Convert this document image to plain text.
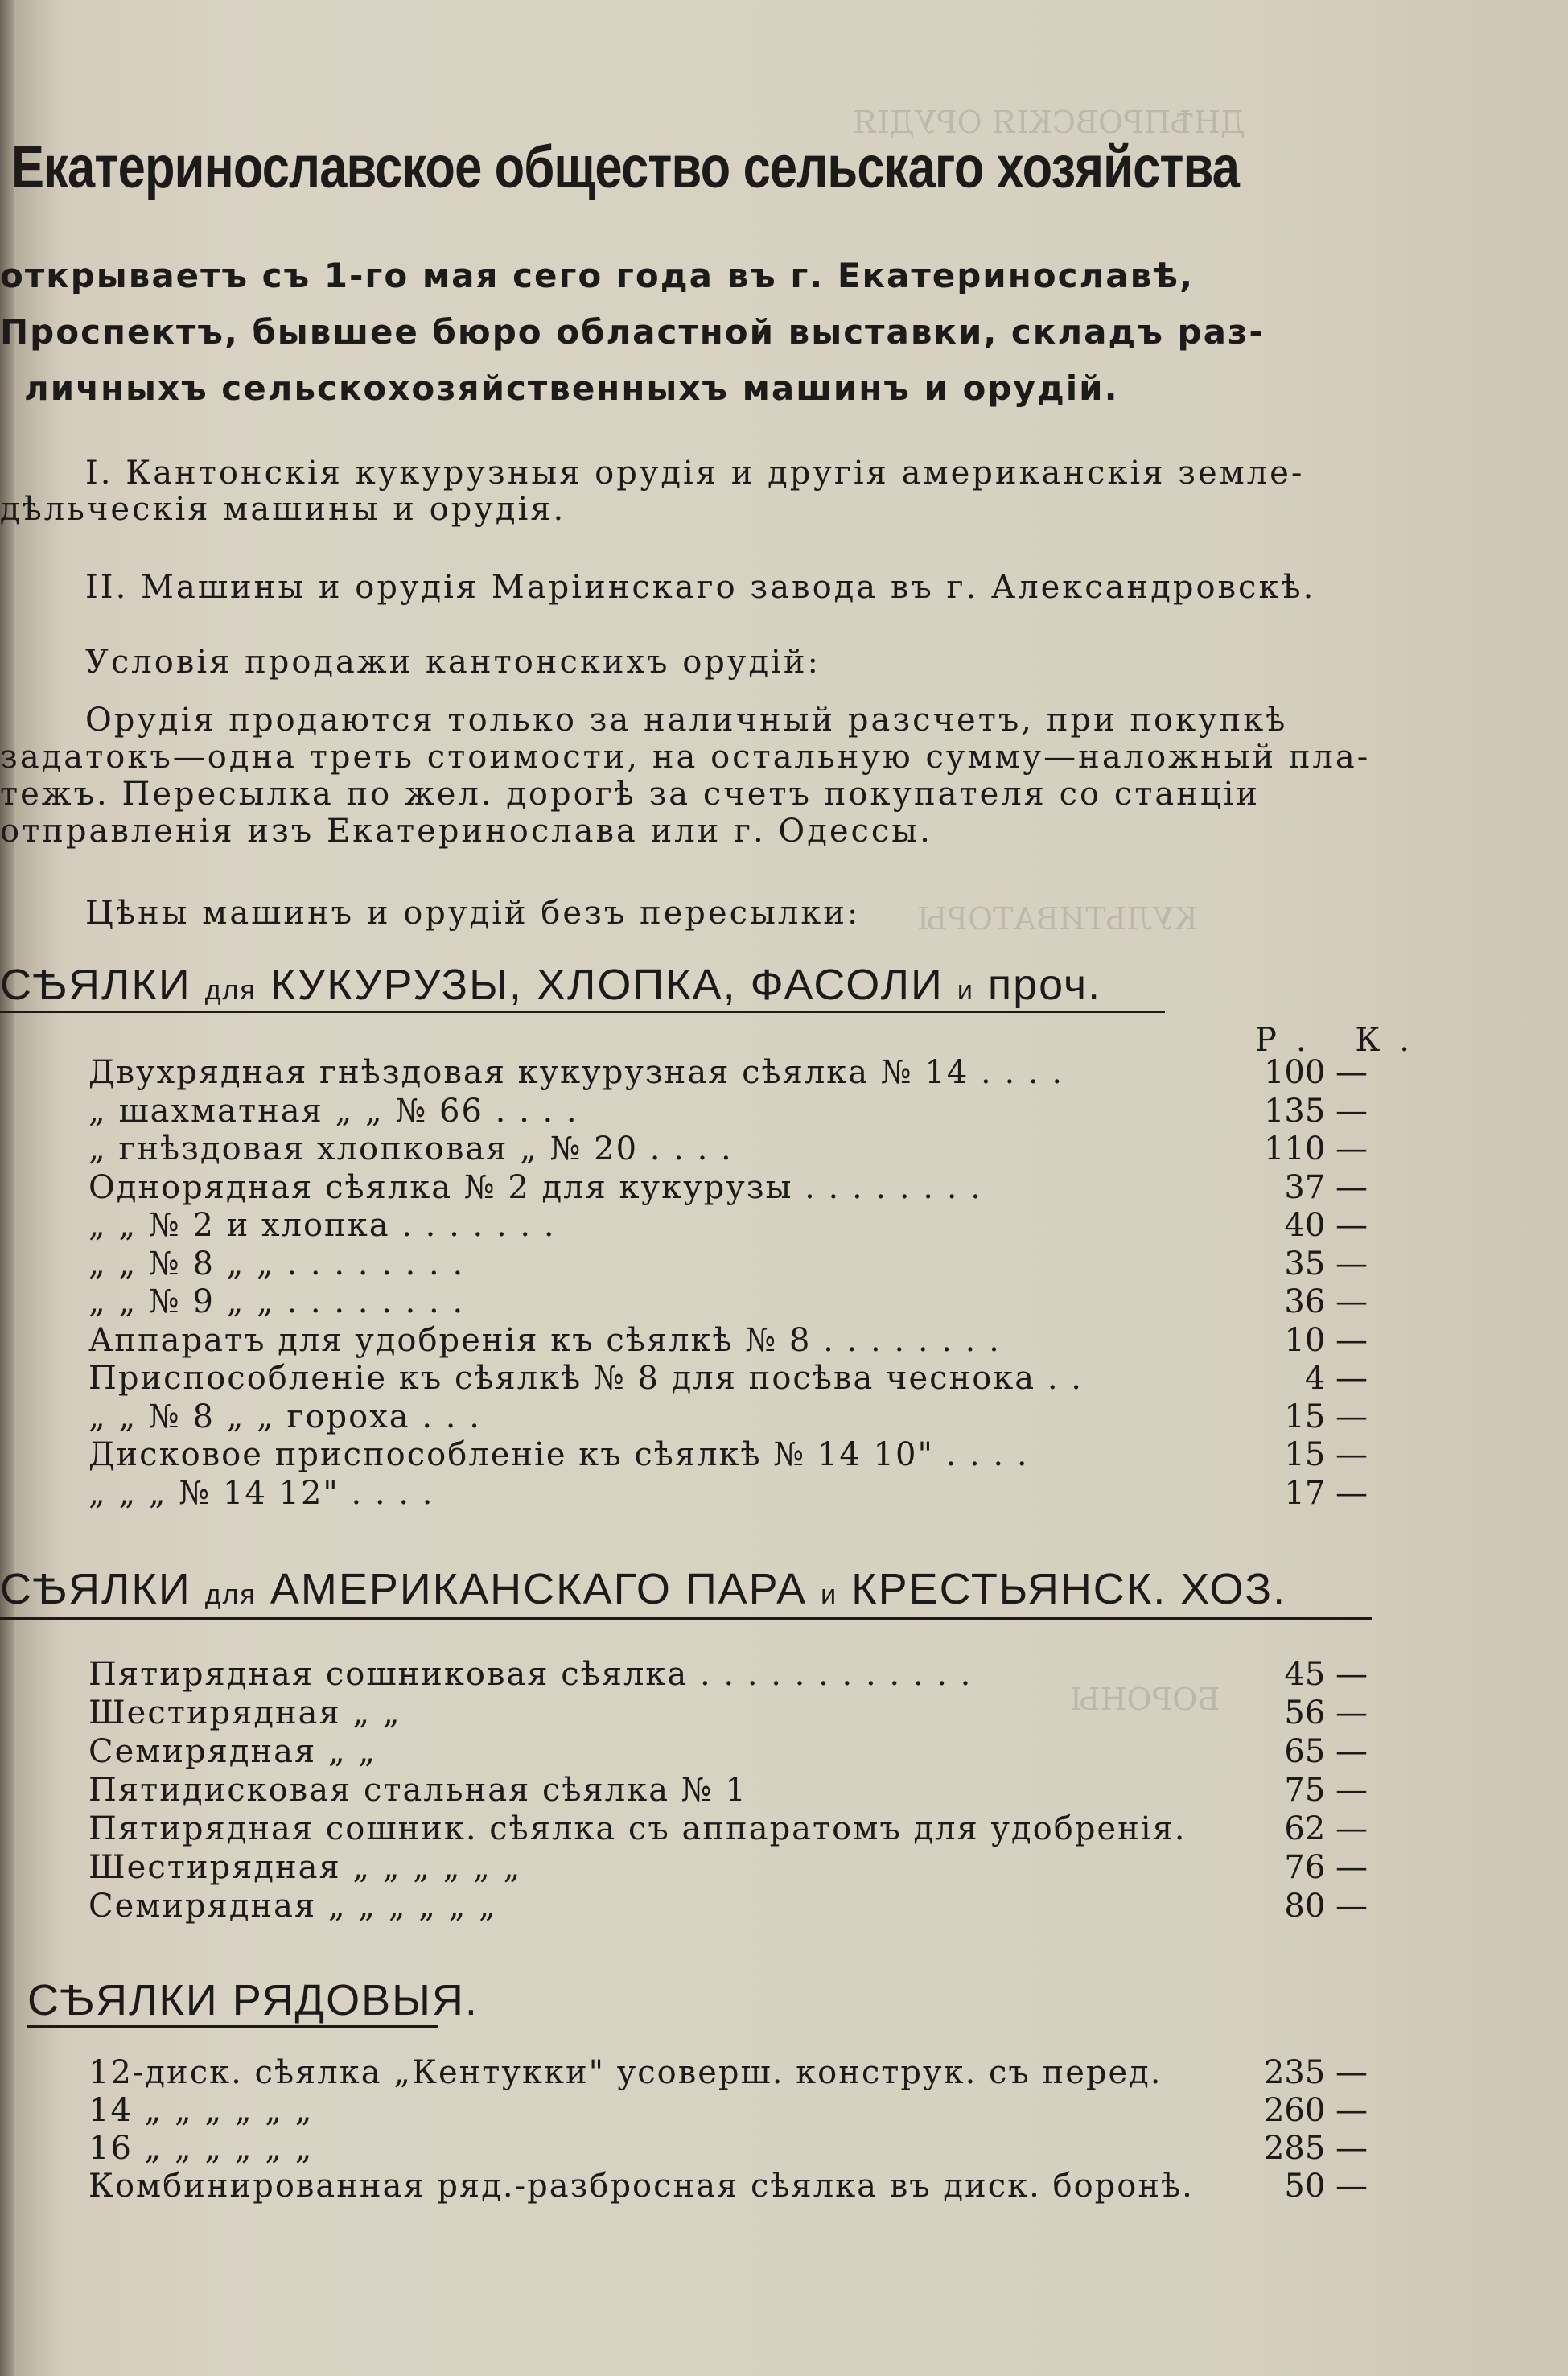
ДНѢПРОВСКІЯ ОРУДІЯ
КУЛЬТИВАТОРЫ
БОРОНЫ
Екатеринославское общество сельскаго хозяйства
открываетъ съ 1-го мая сего года въ г. Екатеринославѣ,
Проспектъ, бывшее бюро областной выставки, складъ раз-
личныхъ сельскохозяйственныхъ машинъ и орудій.
I. Кантонскія кукурузныя орудія и другія американскія земле-
дѣльческія машины и орудія.
II. Машины и орудія Маріинскаго завода въ г. Александровскѣ.
Условія продажи кантонскихъ орудій:
Орудія продаются только за наличный разсчетъ, при покупкѣ
задатокъ—одна треть стоимости, на остальную сумму—наложный пла-
тежъ. Пересылка по жел. дорогѣ за счетъ покупателя со станціи
отправленія изъ Екатеринослава или г. Одессы.
Цѣны машинъ и орудій безъ пересылки:
СѢЯЛКИ для КУКУРУЗЫ, ХЛОПКА, ФАСОЛИ и проч.
Р. К.
Двухрядная гнѣздовая кукурузная сѣялка № 14 . . . .	100 —
„ шахматная „ „ № 66 . . . .	135 —
„ гнѣздовая хлопковая „ № 20 . . . .	110 —
Однорядная сѣялка № 2 для кукурузы . . . . . . . .	37 —
„ „ № 2 и хлопка . . . . . . .	40 —
„ „ № 8 „ „ . . . . . . . .	35 —
„ „ № 9 „ „ . . . . . . . .	36 —
Аппаратъ для удобренія къ сѣялкѣ № 8 . . . . . . . .	10 —
Приспособленіе къ сѣялкѣ № 8 для посѣва чеснока . .	4 —
„ „ № 8 „ „ гороха . . .	15 —
Дисковое приспособленіе къ сѣялкѣ № 14 10" . . . .	15 —
„ „ „ № 14 12" . . . .	17 —
СѢЯЛКИ для АМЕРИКАНСКАГО ПАРА и КРЕСТЬЯНСК. ХОЗ.
Пятирядная сошниковая сѣялка . . . . . . . . . . . .	45 —
Шестирядная „ „	56 —
Семирядная „ „	65 —
Пятидисковая стальная сѣялка № 1	75 —
Пятирядная сошник. сѣялка съ аппаратомъ для удобренія.	62 —
Шестирядная „ „ „ „ „ „	76 —
Семирядная „ „ „ „ „ „	80 —
СѢЯЛКИ РЯДОВЫЯ.
12-диск. сѣялка „Кентукки" усоверш. конструк. съ перед.	235 —
14 „ „ „ „ „ „	260 —
16 „ „ „ „ „ „	285 —
Комбинированная ряд.-разбросная сѣялка въ диск. боронѣ.	50 —
